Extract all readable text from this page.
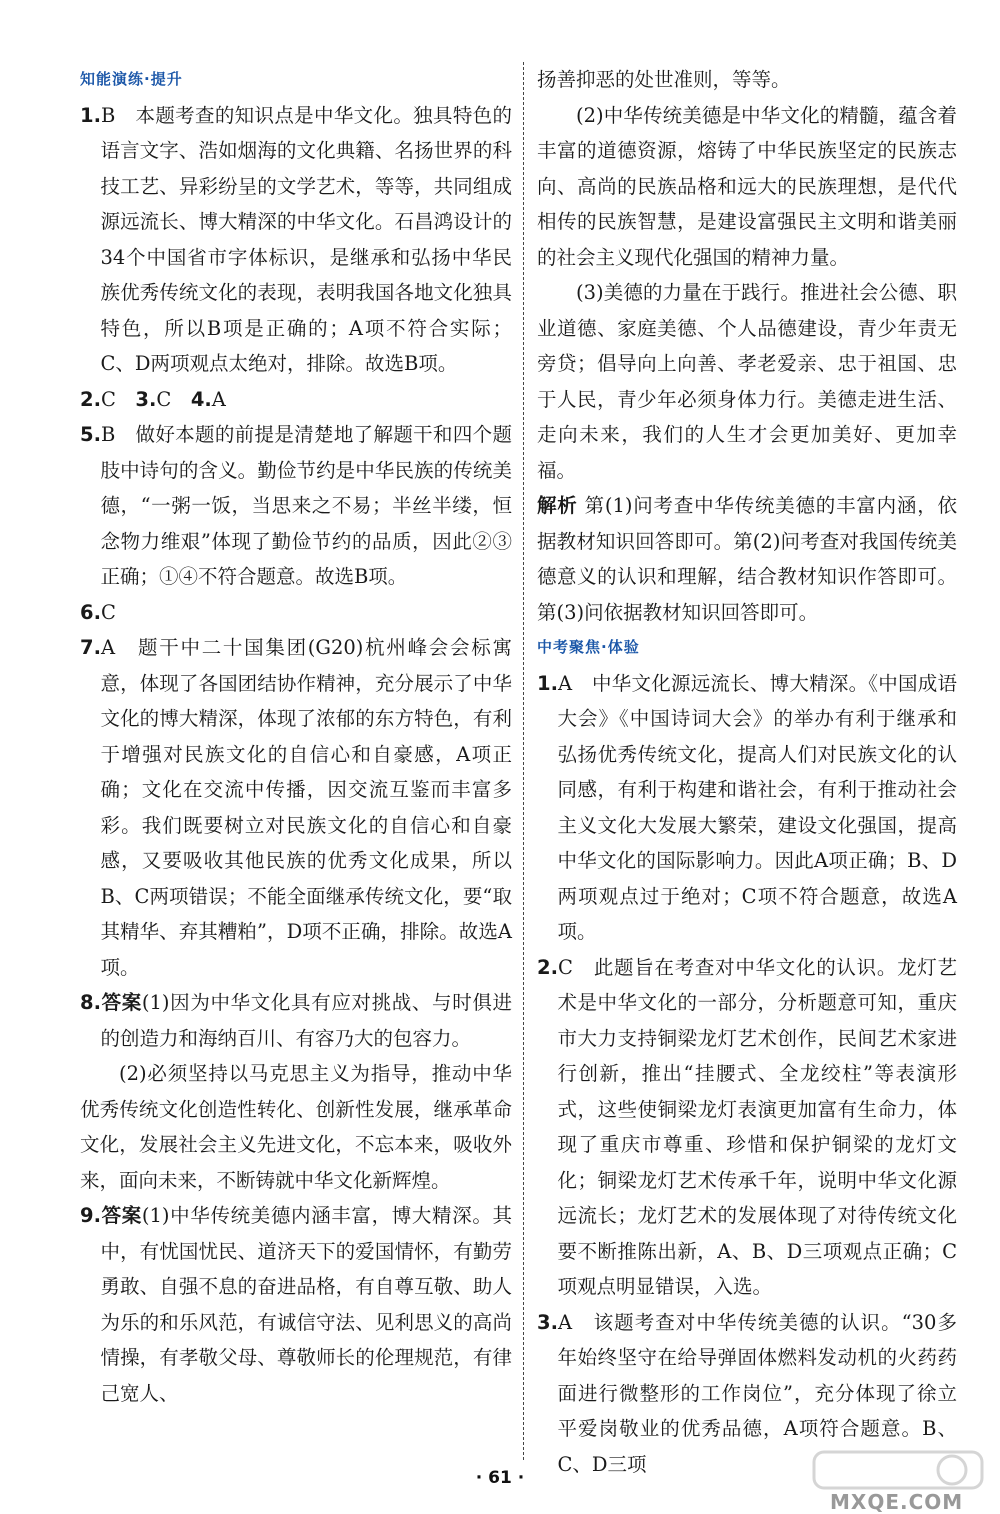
知能演练·提升
1.B　本题考查的知识点是中华文化。独具特色的语言文字、浩如烟海的文化典籍、名扬世界的科技工艺、异彩纷呈的文学艺术，等等，共同组成源远流长、博大精深的中华文化。石昌鸿设计的34个中国省市字体标识，是继承和弘扬中华民族优秀传统文化的表现，表明我国各地文化独具特色，所以B项是正确的；A项不符合实际；C、D两项观点太绝对，排除。故选B项。
2.C　3.C　4.A
5.B　做好本题的前提是清楚地了解题干和四个题肢中诗句的含义。勤俭节约是中华民族的传统美德，“一粥一饭，当思来之不易；半丝半缕，恒念物力维艰”体现了勤俭节约的品质，因此②③正确；①④不符合题意。故选B项。
6.C
7.A　题干中二十国集团(G20)杭州峰会会标寓意，体现了各国团结协作精神，充分展示了中华文化的博大精深，体现了浓郁的东方特色，有利于增强对民族文化的自信心和自豪感，A项正确；文化在交流中传播，因交流互鉴而丰富多彩。我们既要树立对民族文化的自信心和自豪感，又要吸收其他民族的优秀文化成果，所以B、C两项错误；不能全面继承传统文化，要“取其精华、弃其糟粕”，D项不正确，排除。故选A项。
8.答案(1)因为中华文化具有应对挑战、与时俱进的创造力和海纳百川、有容乃大的包容力。
(2)必须坚持以马克思主义为指导，推动中华优秀传统文化创造性转化、创新性发展，继承革命文化，发展社会主义先进文化，不忘本来，吸收外来，面向未来，不断铸就中华文化新辉煌。
9.答案(1)中华传统美德内涵丰富，博大精深。其中，有忧国忧民、道济天下的爱国情怀，有勤劳勇敢、自强不息的奋进品格，有自尊互敬、助人为乐的和乐风范，有诚信守法、见利思义的高尚情操，有孝敬父母、尊敬师长的伦理规范，有律己宽人、
扬善抑恶的处世准则，等等。
(2)中华传统美德是中华文化的精髓，蕴含着丰富的道德资源，熔铸了中华民族坚定的民族志向、高尚的民族品格和远大的民族理想，是代代相传的民族智慧，是建设富强民主文明和谐美丽的社会主义现代化强国的精神力量。
(3)美德的力量在于践行。推进社会公德、职业道德、家庭美德、个人品德建设，青少年责无旁贷；倡导向上向善、孝老爱亲、忠于祖国、忠于人民，青少年必须身体力行。美德走进生活、走向未来，我们的人生才会更加美好、更加幸福。
解析 第(1)问考查中华传统美德的丰富内涵，依据教材知识回答即可。第(2)问考查对我国传统美德意义的认识和理解，结合教材知识作答即可。第(3)问依据教材知识回答即可。
中考聚焦·体验
1.A　中华文化源远流长、博大精深。《中国成语大会》《中国诗词大会》的举办有利于继承和弘扬优秀传统文化，提高人们对民族文化的认同感，有利于构建和谐社会，有利于推动社会主义文化大发展大繁荣，建设文化强国，提高中华文化的国际影响力。因此A项正确；B、D两项观点过于绝对；C项不符合题意，故选A项。
2.C　此题旨在考查对中华文化的认识。龙灯艺术是中华文化的一部分，分析题意可知，重庆市大力支持铜梁龙灯艺术创作，民间艺术家进行创新，推出“挂腰式、全龙绞柱”等表演形式，这些使铜梁龙灯表演更加富有生命力，体现了重庆市尊重、珍惜和保护铜梁的龙灯文化；铜梁龙灯艺术传承千年，说明中华文化源远流长；龙灯艺术的发展体现了对待传统文化要不断推陈出新，A、B、D三项观点正确；C项观点明显错误，入选。
3.A　该题考查对中华传统美德的认识。“30多年始终坚守在给导弹固体燃料发动机的火药药面进行微整形的工作岗位”，充分体现了徐立平爱岗敬业的优秀品德，A项符合题意。B、C、D三项
· 61 ·
MXQE.COM
